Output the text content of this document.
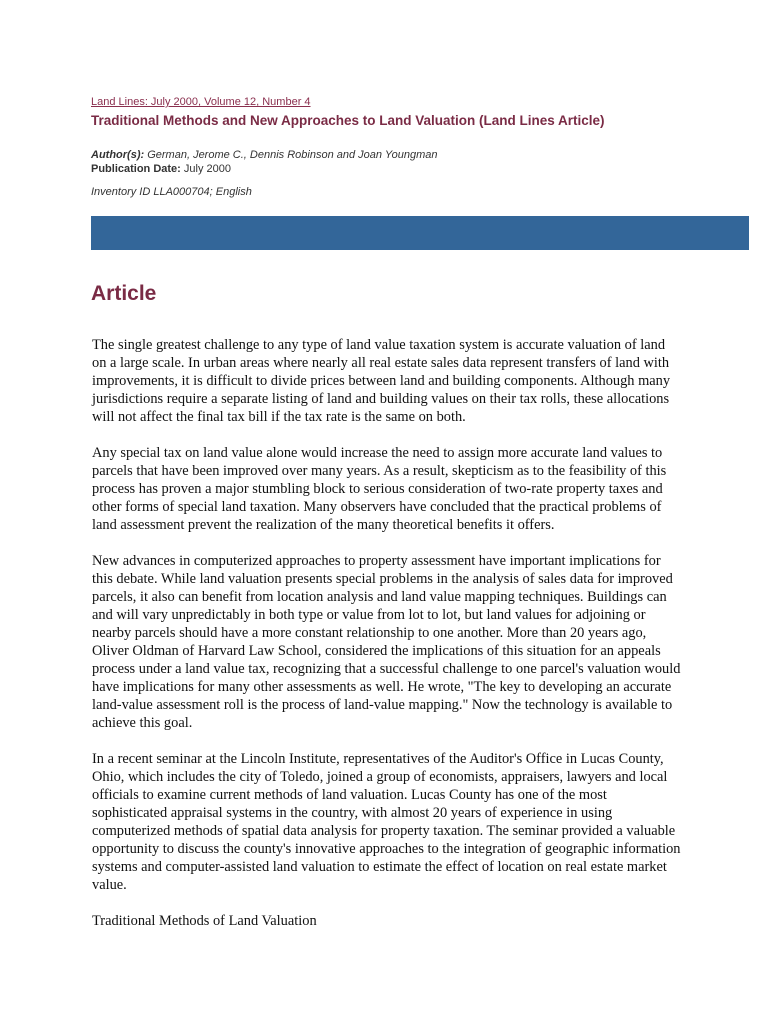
Land Lines: July 2000, Volume 12, Number 4
Traditional Methods and New Approaches to Land Valuation (Land Lines Article)
Author(s): German, Jerome C., Dennis Robinson and Joan Youngman
Publication Date: July 2000
Inventory ID LLA000704; English
Article

The single greatest challenge to any type of land value taxation system is accurate valuation of land on a large scale. In urban areas where nearly all real estate sales data represent transfers of land with improvements, it is difficult to divide prices between land and building components. Although many jurisdictions require a separate listing of land and building values on their tax rolls, these allocations will not affect the final tax bill if the tax rate is the same on both.

Any special tax on land value alone would increase the need to assign more accurate land values to parcels that have been improved over many years. As a result, skepticism as to the feasibility of this process has proven a major stumbling block to serious consideration of two-rate property taxes and other forms of special land taxation. Many observers have concluded that the practical problems of land assessment prevent the realization of the many theoretical benefits it offers.

New advances in computerized approaches to property assessment have important implications for this debate. While land valuation presents special problems in the analysis of sales data for improved parcels, it also can benefit from location analysis and land value mapping techniques. Buildings can and will vary unpredictably in both type or value from lot to lot, but land values for adjoining or nearby parcels should have a more constant relationship to one another. More than 20 years ago, Oliver Oldman of Harvard Law School, considered the implications of this situation for an appeals process under a land value tax, recognizing that a successful challenge to one parcel's valuation would have implications for many other assessments as well. He wrote, "The key to developing an accurate land-value assessment roll is the process of land-value mapping." Now the technology is available to achieve this goal.

In a recent seminar at the Lincoln Institute, representatives of the Auditor's Office in Lucas County, Ohio, which includes the city of Toledo, joined a group of economists, appraisers, lawyers and local officials to examine current methods of land valuation. Lucas County has one of the most sophisticated appraisal systems in the country, with almost 20 years of experience in using computerized methods of spatial data analysis for property taxation. The seminar provided a valuable opportunity to discuss the county's innovative approaches to the integration of geographic information systems and computer-assisted land valuation to estimate the effect of location on real estate market value.

Traditional Methods of Land Valuation
